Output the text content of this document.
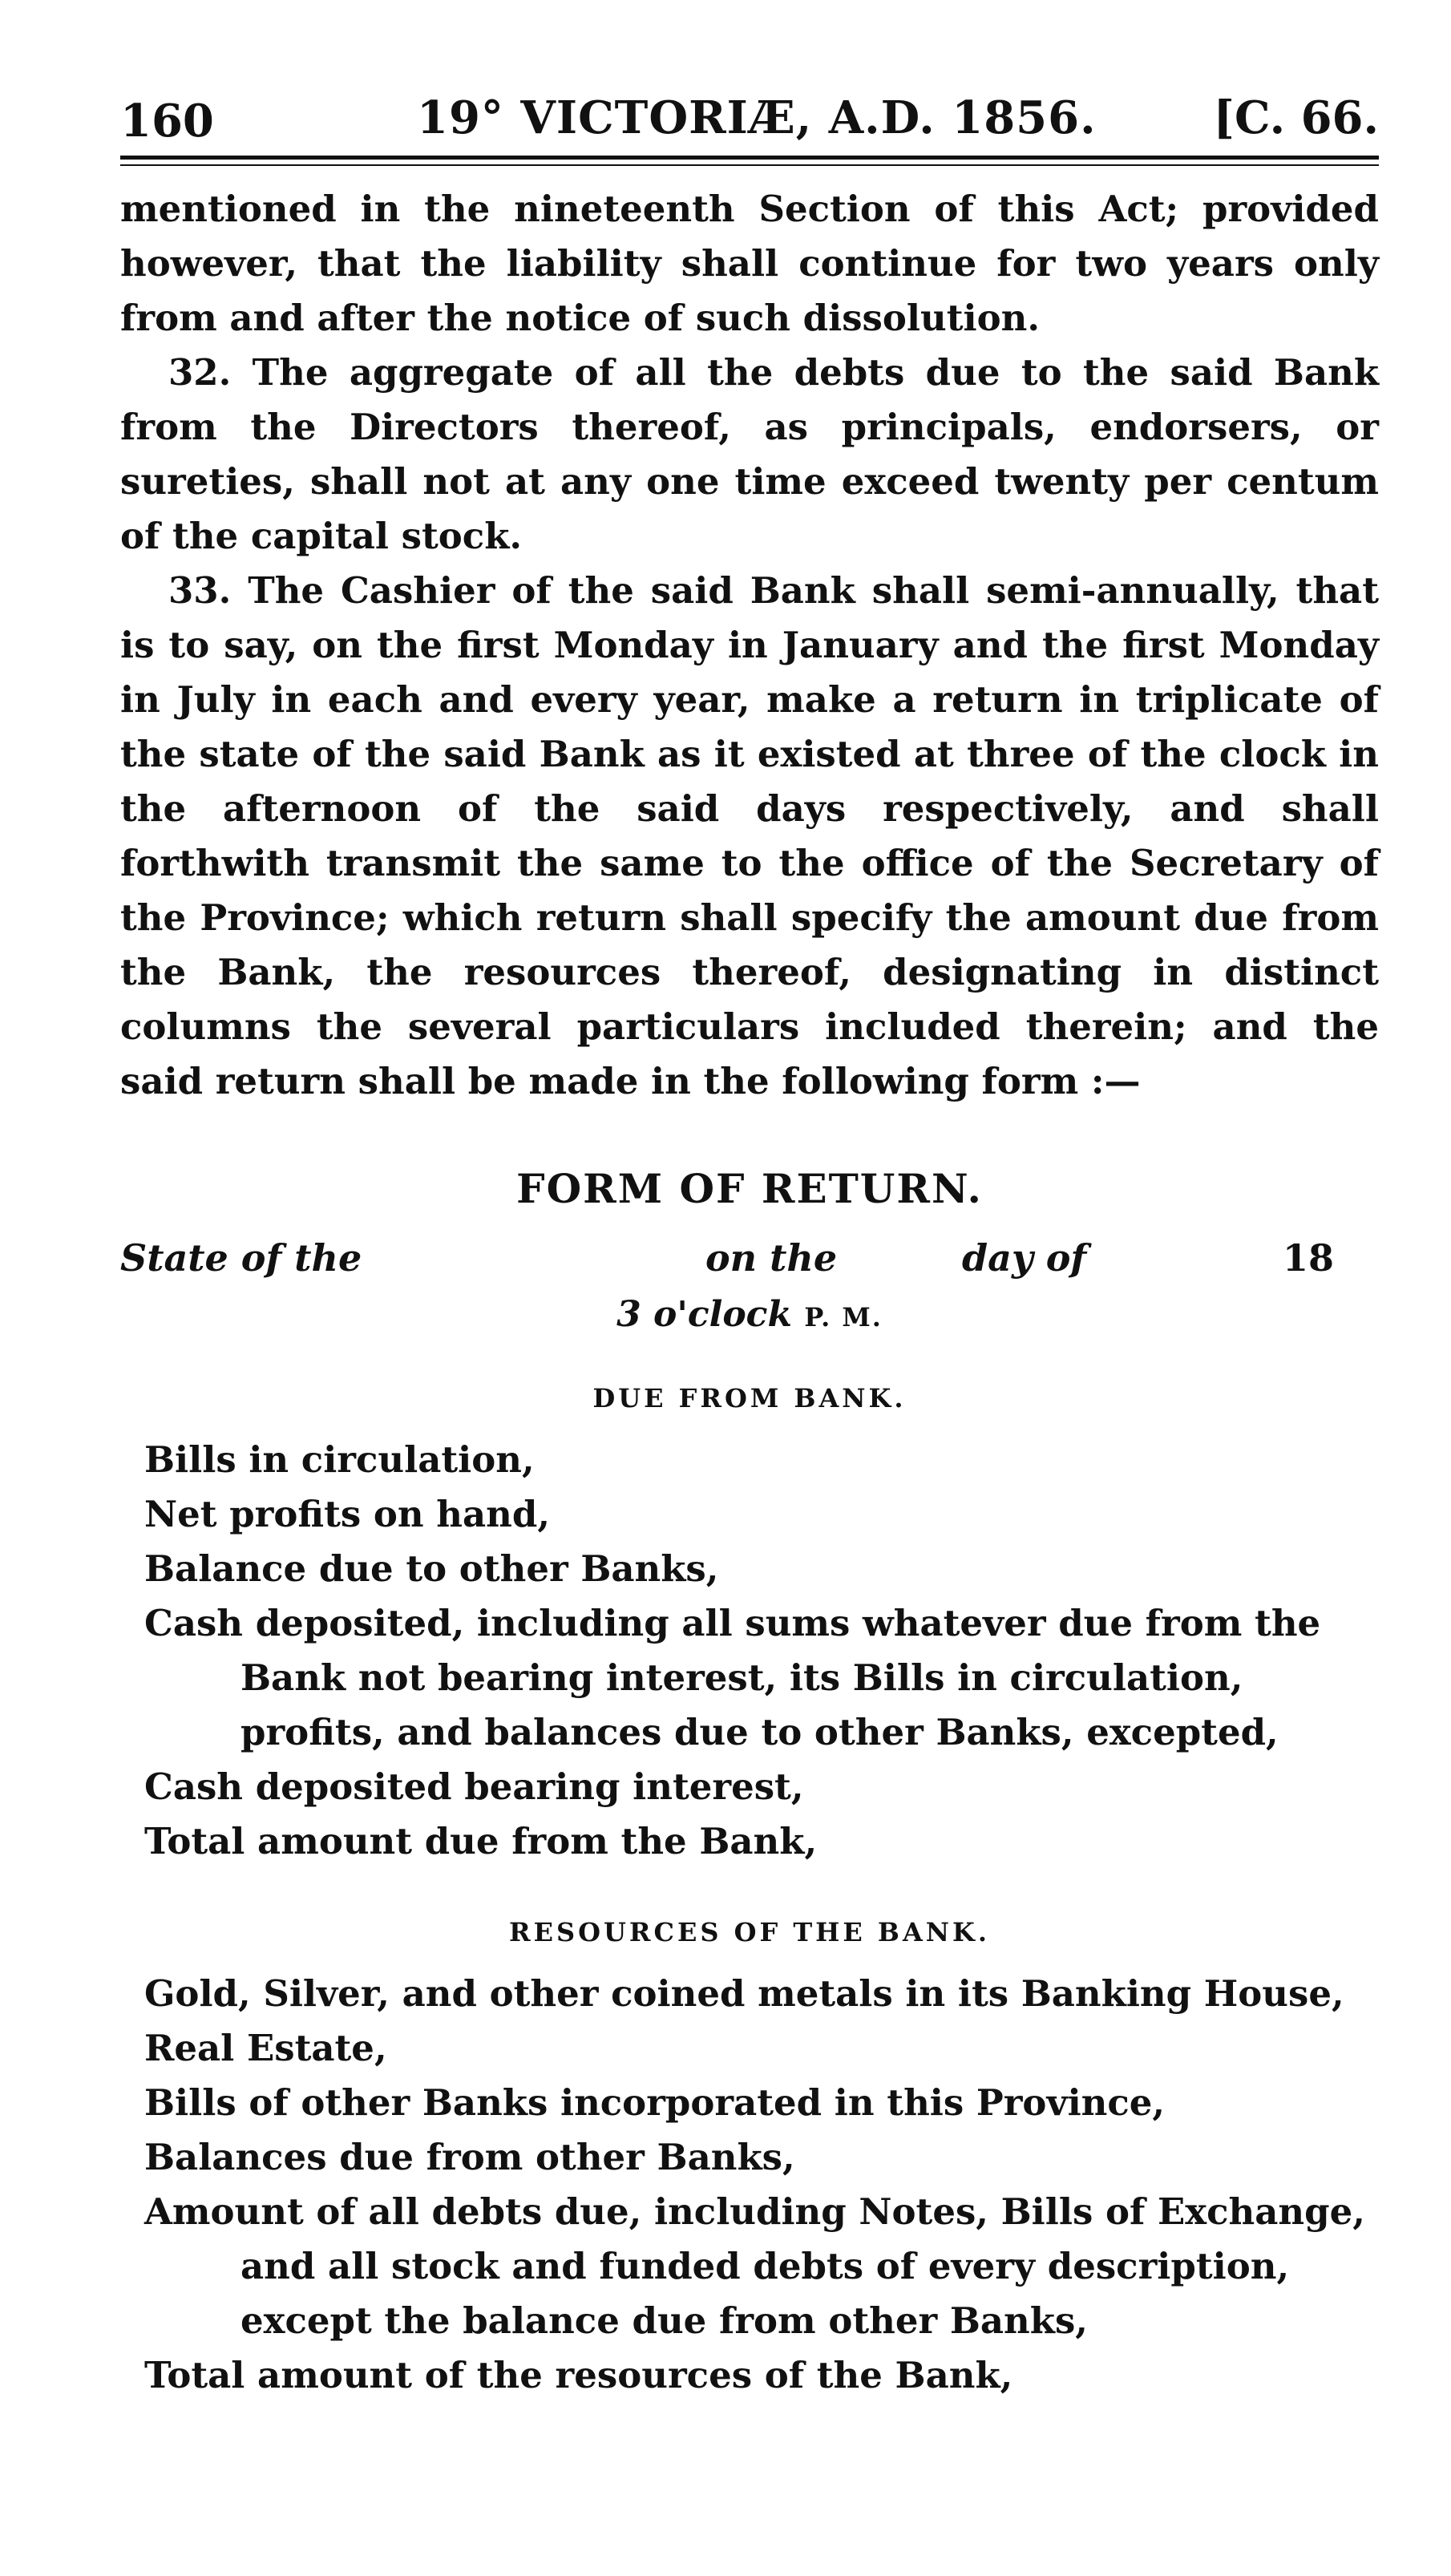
160	19° VICTORIÆ, A.D. 1856.	[C. 66.

mentioned in the nineteenth Section of this Act; provided however, that the liability shall continue for two years only from and after the notice of such dissolution.

32. The aggregate of all the debts due to the said Bank from the Directors thereof, as principals, endorsers, or sureties, shall not at any one time exceed twenty per centum of the capital stock.

33. The Cashier of the said Bank shall semi-annually, that is to say, on the first Monday in January and the first Monday in July in each and every year, make a return in triplicate of the state of the said Bank as it existed at three of the clock in the afternoon of the said days respectively, and shall forthwith transmit the same to the office of the Secretary of the Province; which return shall specify the amount due from the Bank, the resources thereof, designating in distinct columns the several particulars included therein; and the said return shall be made in the following form :—

FORM OF RETURN.
State of the	on the	day of	18
3 o'clock P. M.
DUE FROM BANK.
Bills in circulation,
Net profits on hand,
Balance due to other Banks,
Cash deposited, including all sums whatever due from the Bank not bearing interest, its Bills in circulation, profits, and balances due to other Banks, excepted,
Cash deposited bearing interest,
Total amount due from the Bank,
RESOURCES OF THE BANK.
Gold, Silver, and other coined metals in its Banking House,
Real Estate,
Bills of other Banks incorporated in this Province,
Balances due from other Banks,
Amount of all debts due, including Notes, Bills of Exchange, and all stock and funded debts of every description, except the balance due from other Banks,
Total amount of the resources of the Bank,
